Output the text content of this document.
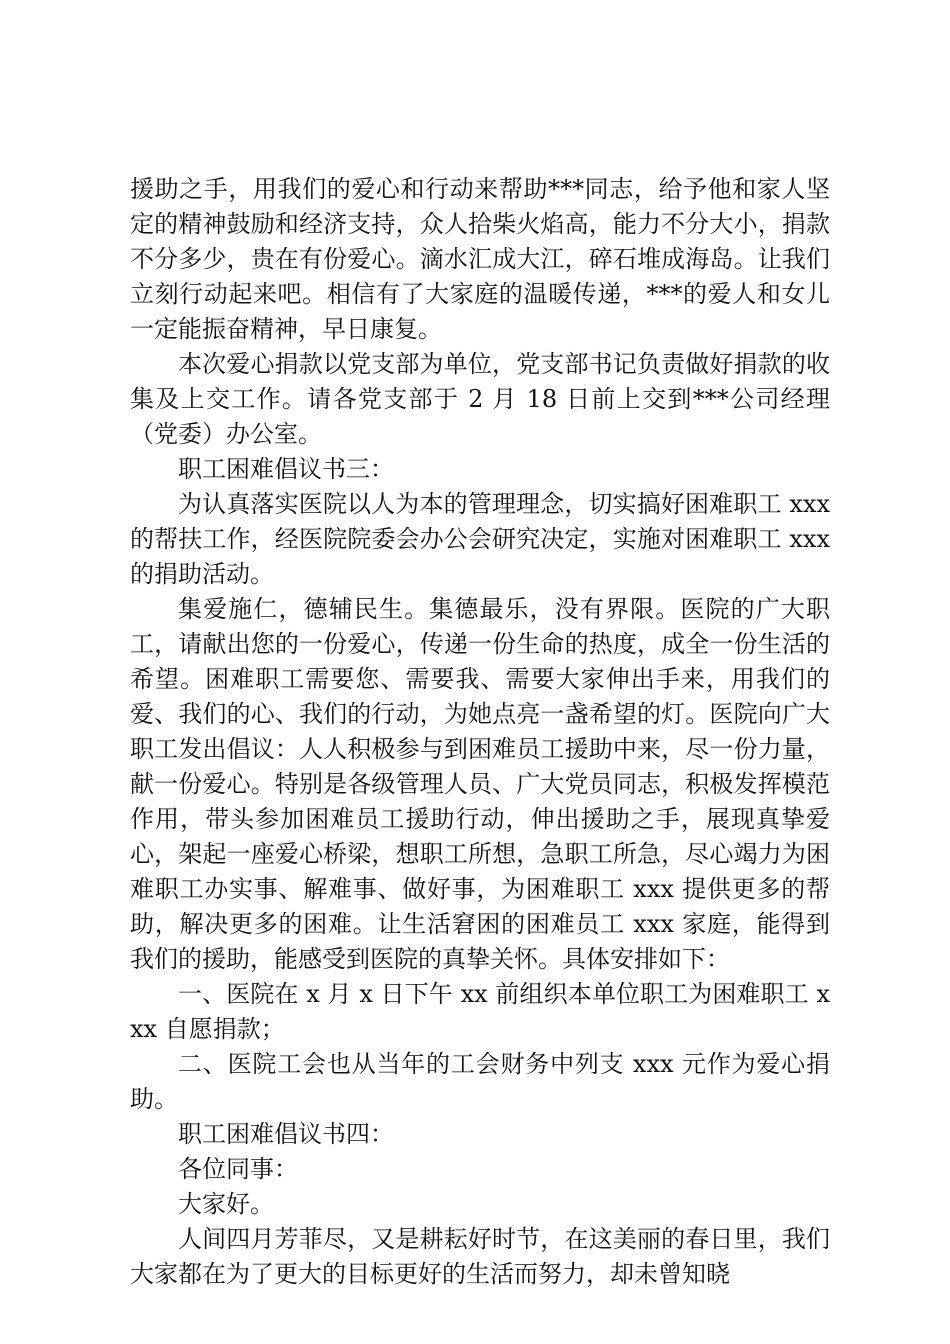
援助之手，用我们的爱心和行动来帮助***同志，给予他和家人坚定的精神鼓励和经济支持，众人拾柴火焰高，能力不分大小，捐款不分多少，贵在有份爱心。滴水汇成大江，碎石堆成海岛。让我们立刻行动起来吧。相信有了大家庭的温暖传递，***的爱人和女儿一定能振奋精神，早日康复。

本次爱心捐款以党支部为单位，党支部书记负责做好捐款的收集及上交工作。请各党支部于 2 月 18 日前上交到***公司经理（党委）办公室。

职工困难倡议书三：

为认真落实医院以人为本的管理理念，切实搞好困难职工 xxx 的帮扶工作，经医院院委会办公会研究决定，实施对困难职工 xxx 的捐助活动。

集爱施仁，德辅民生。集德最乐，没有界限。医院的广大职工，请献出您的一份爱心，传递一份生命的热度，成全一份生活的希望。困难职工需要您、需要我、需要大家伸出手来，用我们的爱、我们的心、我们的行动，为她点亮一盏希望的灯。医院向广大职工发出倡议：人人积极参与到困难员工援助中来，尽一份力量，献一份爱心。特别是各级管理人员、广大党员同志，积极发挥模范作用，带头参加困难员工援助行动，伸出援助之手，展现真挚爱心，架起一座爱心桥梁，想职工所想，急职工所急，尽心竭力为困难职工办实事、解难事、做好事，为困难职工 xxx 提供更多的帮助，解决更多的困难。让生活窘困的困难员工 xxx 家庭，能得到我们的援助，能感受到医院的真挚关怀。具体安排如下：

一、医院在 x 月 x 日下午 xx 前组织本单位职工为困难职工 xxx 自愿捐款；

二、医院工会也从当年的工会财务中列支 xxx 元作为爱心捐助。

职工困难倡议书四：

各位同事：

大家好。

人间四月芳菲尽，又是耕耘好时节，在这美丽的春日里，我们大家都在为了更大的目标更好的生活而努力，却未曾知晓
